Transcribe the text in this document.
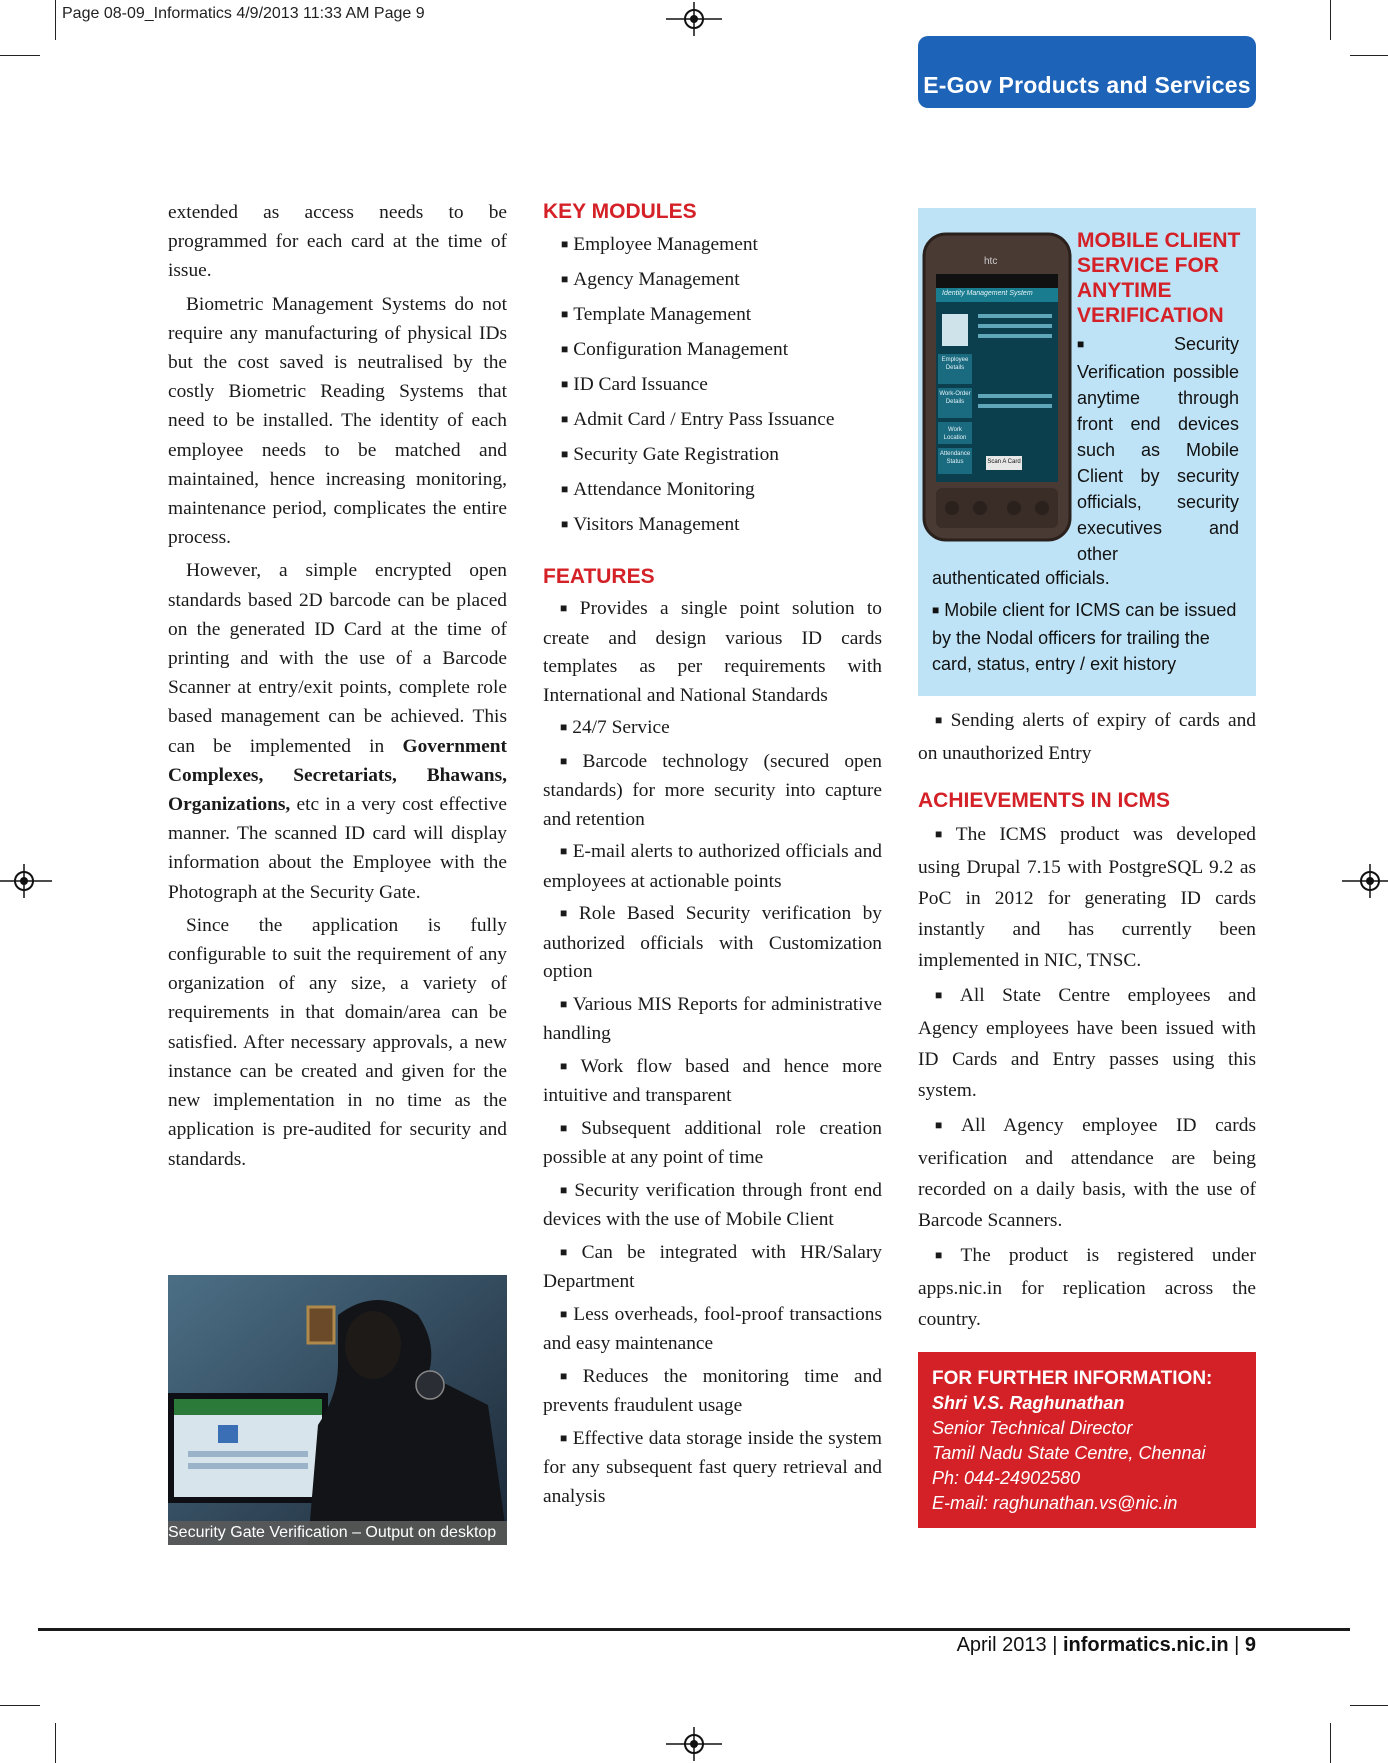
Page 08-09_Informatics 4/9/2013 11:33 AM Page 9
E-Gov Products and Services

extended as access needs to be programmed for each card at the time of issue.

Biometric Management Systems do not require any manufacturing of physical IDs but the cost saved is neutralised by the costly Biometric Reading Systems that need to be installed. The identity of each employee needs to be matched and maintained, hence increasing monitoring, maintenance period, complicates the entire process.

However, a simple encrypted open standards based 2D barcode can be placed on the generated ID Card at the time of printing and with the use of a Barcode Scanner at entry/exit points, complete role based management can be achieved. This can be implemented in Government Complexes, Secretariats, Bhawans, Organizations, etc in a very cost effective manner. The scanned ID card will display information about the Employee with the Photograph at the Security Gate.

Since the application is fully configurable to suit the requirement of any organization of any size, a variety of requirements in that domain/area can be satisfied. After necessary approvals, a new instance can be created and given for the new implementation in no time as the application is pre-audited for security and standards.

Security Gate Verification – Output on desktop

KEY MODULES

■ Employee Management
■ Agency Management
■ Template Management
■ Configuration Management
■ ID Card Issuance
■ Admit Card / Entry Pass Issuance
■ Security Gate Registration
■ Attendance Monitoring
■ Visitors Management

FEATURES

■ Provides a single point solution to create and design various ID cards templates as per requirements with International and National Standards

■ 24/7 Service

■ Barcode technology (secured open standards) for more security into capture and retention

■ E-mail alerts to authorized officials and employees at actionable points

■ Role Based Security verification by authorized officials with Customization option

■ Various MIS Reports for administrative handling

■ Work flow based and hence more intuitive and transparent

■ Subsequent additional role creation possible at any point of time

■ Security verification through front end devices with the use of Mobile Client

■ Can be integrated with HR/Salary Department

■ Less overheads, fool-proof transactions and easy maintenance

■ Reduces the monitoring time and prevents fraudulent usage

■ Effective data storage inside the system for any subsequent fast query retrieval and analysis

htc
Identity Management System
Employee Details
Work-Order Details
Work Location
Attendance Status	Scan A Card

MOBILE CLIENT SERVICE FOR ANYTIME VERIFICATION

■ Security Verification possible anytime through front end devices such as Mobile Client by security officials, security executives and other
authenticated officials.
■ Mobile client for ICMS can be issued by the Nodal officers for trailing the card, status, entry / exit history

■ Sending alerts of expiry of cards and on unauthorized Entry

ACHIEVEMENTS IN ICMS

■ The ICMS product was developed using Drupal 7.15 with PostgreSQL 9.2 as PoC in 2012 for generating ID cards instantly and has currently been implemented in NIC, TNSC.

■ All State Centre employees and Agency employees have been issued with ID Cards and Entry passes using this system.

■ All Agency employee ID cards verification and attendance are being recorded on a daily basis, with the use of Barcode Scanners.

■ The product is registered under apps.nic.in for replication across the country.

FOR FURTHER INFORMATION:
Shri V.S. Raghunathan
Senior Technical Director
Tamil Nadu State Centre, Chennai
Ph: 044-24902580
E-mail: raghunathan.vs@nic.in
April 2013 | informatics.nic.in | 9
